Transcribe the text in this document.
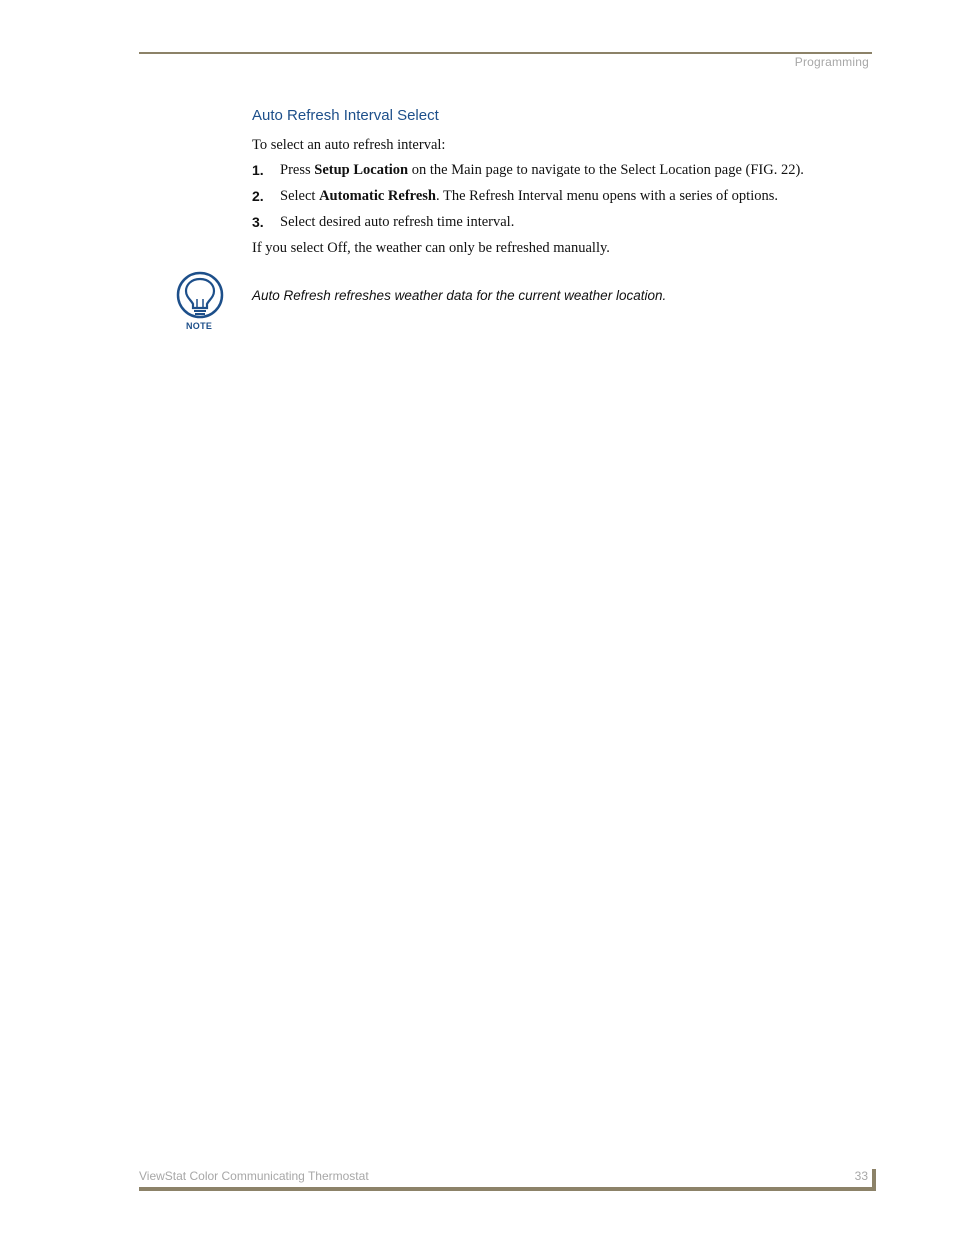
Programming
Auto Refresh Interval Select

To select an auto refresh interval:

1.	Press Setup Location on the Main page to navigate to the Select Location page (FIG. 22).
2.	Select Automatic Refresh. The Refresh Interval menu opens with a series of options.
3.	Select desired auto refresh time interval.

If you select Off, the weather can only be refreshed manually.

NOTE

Auto Refresh refreshes weather data for the current weather location.

ViewStat Color Communicating Thermostat	33
